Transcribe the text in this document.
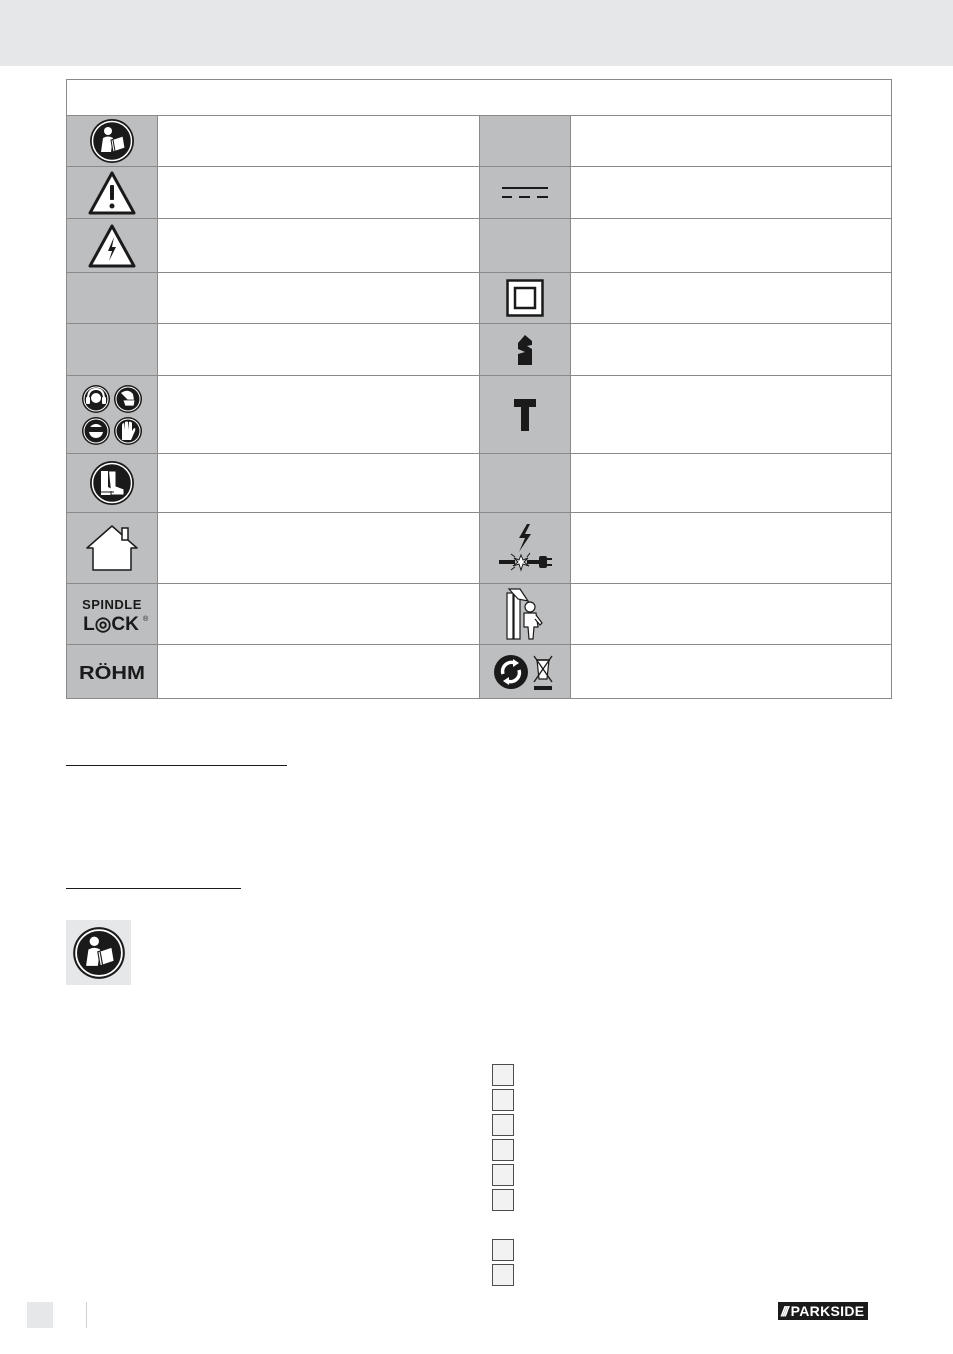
SPINDLE
L◎CK ®
RÖHM
/// PARKSIDE
